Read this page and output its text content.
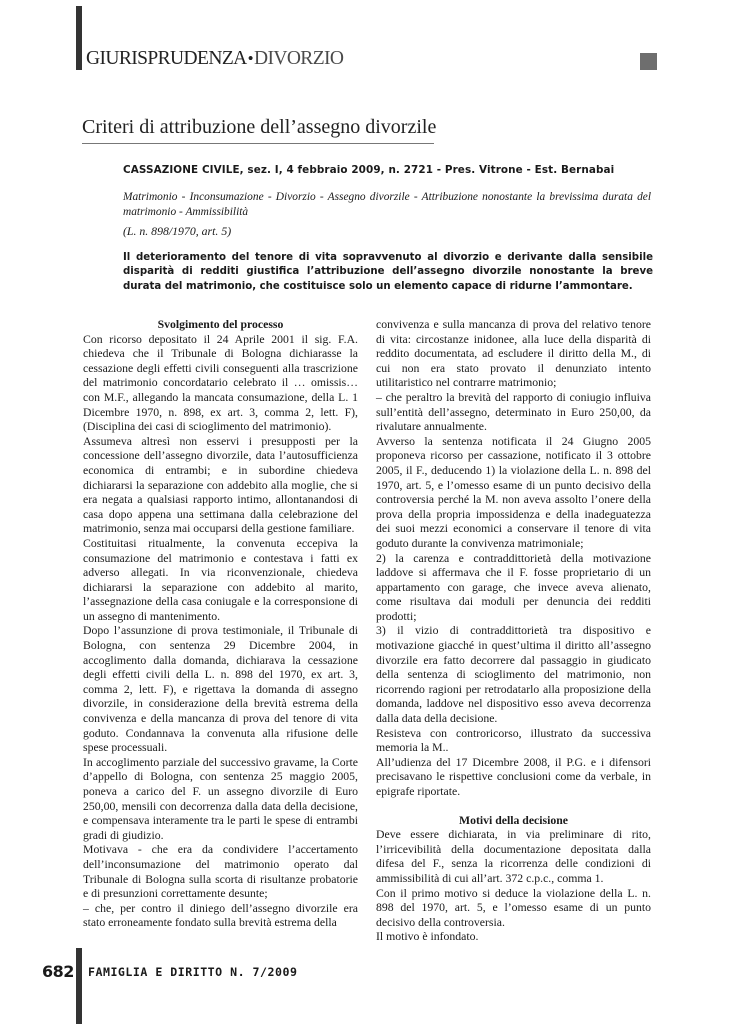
GIURISPRUDENZA•DIVORZIO
Criteri di attribuzione dell’assegno divorzile
CASSAZIONE CIVILE, sez. I, 4 febbraio 2009, n. 2721 - Pres. Vitrone - Est. Bernabai
Matrimonio - Inconsumazione - Divorzio - Assegno divorzile - Attribuzione nonostante la brevissima durata del matrimonio - Ammissibilità
(L. n. 898/1970, art. 5)
Il deterioramento del tenore di vita sopravvenuto al divorzio e derivante dalla sensibile disparità di redditi giustifica l’attribuzione dell’assegno divorzile nonostante la breve durata del matrimonio, che costituisce solo un elemento capace di ridurne l’ammontare.
Svolgimento del processo

Con ricorso depositato il 24 Aprile 2001 il sig. F.A. chiedeva che il Tribunale di Bologna dichiarasse la cessazione degli effetti civili conseguenti alla trascrizione del matrimonio concordatario celebrato il … omissis… con M.F., allegando la mancata consumazione, della L. 1 Dicembre 1970, n. 898, ex art. 3, comma 2, lett. F), (Disciplina dei casi di scioglimento del matrimonio).

Assumeva altresì non esservi i presupposti per la concessione dell’assegno divorzile, data l’autosufficienza economica di entrambi; e in subordine chiedeva dichiararsi la separazione con addebito alla moglie, che si era negata a qualsiasi rapporto intimo, allontanandosi di casa dopo appena una settimana dalla celebrazione del matrimonio, senza mai occuparsi della gestione familiare.

Costituitasi ritualmente, la convenuta eccepiva la consumazione del matrimonio e contestava i fatti ex adverso allegati. In via riconvenzionale, chiedeva dichiararsi la separazione con addebito al marito, l’assegnazione della casa coniugale e la corresponsione di un assegno di mantenimento.

Dopo l’assunzione di prova testimoniale, il Tribunale di Bologna, con sentenza 29 Dicembre 2004, in accoglimento dalla domanda, dichiarava la cessazione degli effetti civili della L. n. 898 del 1970, ex art. 3, comma 2, lett. F), e rigettava la domanda di assegno divorzile, in considerazione della brevità estrema della convivenza e della mancanza di prova del tenore di vita goduto. Condannava la convenuta alla rifusione delle spese processuali.

In accoglimento parziale del successivo gravame, la Corte d’appello di Bologna, con sentenza 25 maggio 2005, poneva a carico del F. un assegno divorzile di Euro 250,00, mensili con decorrenza dalla data della decisione, e compensava interamente tra le parti le spese di entrambi gradi di giudizio.

Motivava - che era da condividere l’accertamento dell’inconsumazione del matrimonio operato dal Tribunale di Bologna sulla scorta di risultanze probatorie e di presunzioni correttamente desunte;

– che, per contro il diniego dell’assegno divorzile era stato erroneamente fondato sulla brevità estrema della

convivenza e sulla mancanza di prova del relativo tenore di vita: circostanze inidonee, alla luce della disparità di reddito documentata, ad escludere il diritto della M., di cui non era stato provato il denunziato intento utilitaristico nel contrarre matrimonio;

– che peraltro la brevità del rapporto di coniugio influiva sull’entità dell’assegno, determinato in Euro 250,00, da rivalutare annualmente.

Avverso la sentenza notificata il 24 Giugno 2005 proponeva ricorso per cassazione, notificato il 3 ottobre 2005, il F., deducendo 1) la violazione della L. n. 898 del 1970, art. 5, e l’omesso esame di un punto decisivo della controversia perché la M. non aveva assolto l’onere della prova della propria impossidenza e della inadeguatezza dei suoi mezzi economici a conservare il tenore di vita goduto durante la convivenza matrimoniale;

2) la carenza e contraddittorietà della motivazione laddove si affermava che il F. fosse proprietario di un appartamento con garage, che invece aveva alienato, come risultava dai moduli per denuncia dei redditi prodotti;

3) il vizio di contraddittorietà tra dispositivo e motivazione giacché in quest’ultima il diritto all’assegno divorzile era fatto decorrere dal passaggio in giudicato della sentenza di scioglimento del matrimonio, non ricorrendo ragioni per retrodatarlo alla proposizione della domanda, laddove nel dispositivo esso aveva decorrenza dalla data della decisione.

Resisteva con controricorso, illustrato da successiva memoria la M..

All’udienza del 17 Dicembre 2008, il P.G. e i difensori precisavano le rispettive conclusioni come da verbale, in epigrafe riportate.

Motivi della decisione

Deve essere dichiarata, in via preliminare di rito, l’irricevibilità della documentazione depositata dalla difesa del F., senza la ricorrenza delle condizioni di ammissibilità di cui all’art. 372 c.p.c., comma 1.

Con il primo motivo si deduce la violazione della L. n. 898 del 1970, art. 5, e l’omesso esame di un punto decisivo della controversia.

Il motivo è infondato.

682 FAMIGLIA E DIRITTO N. 7/2009
